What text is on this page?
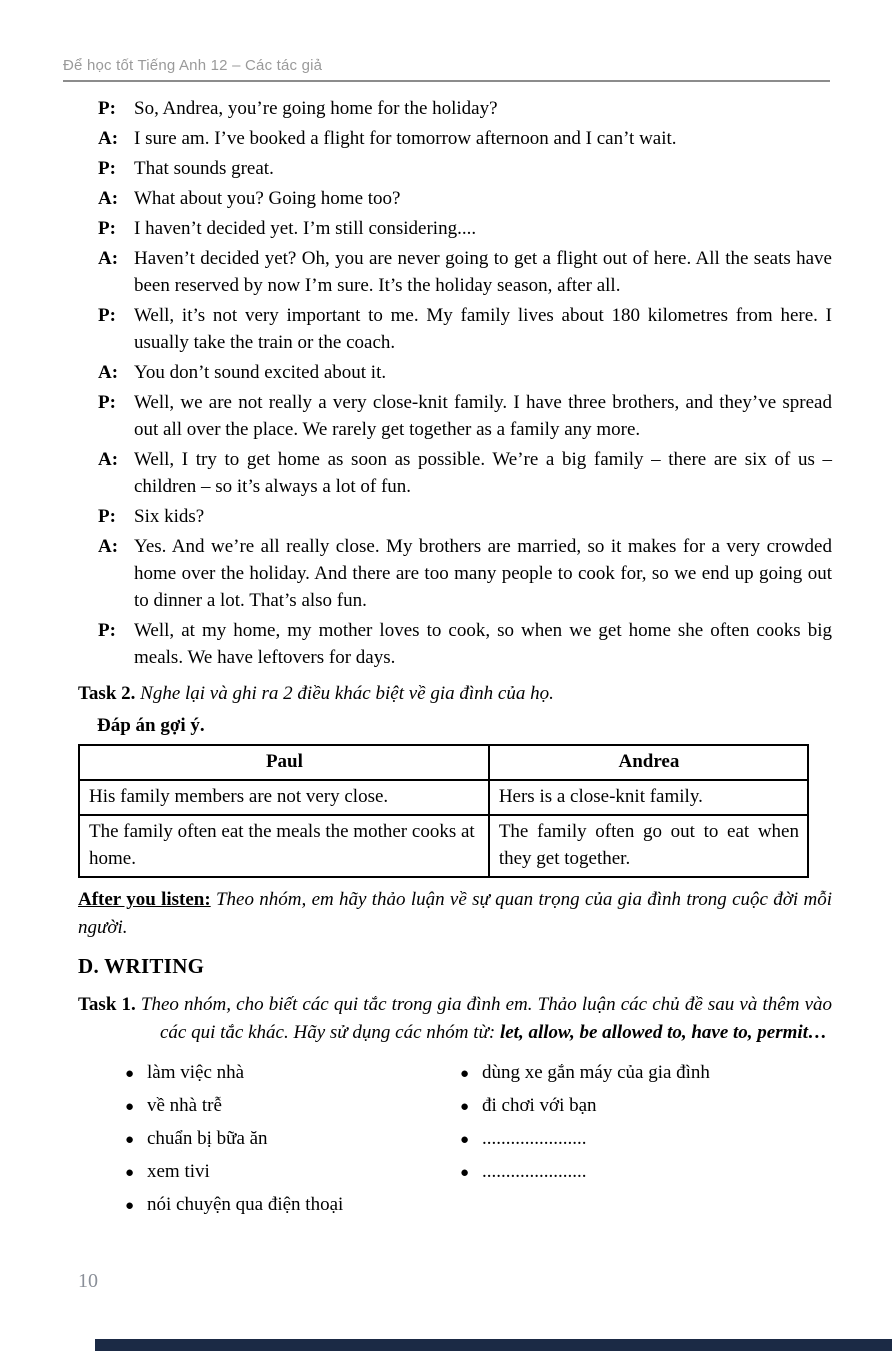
Để học tốt Tiếng Anh 12 – Các tác giả
P: So, Andrea, you’re going home for the holiday?
A: I sure am. I’ve booked a flight for tomorrow afternoon and I can’t wait.
P: That sounds great.
A: What about you? Going home too?
P: I haven’t decided yet. I’m still considering....
A: Haven’t decided yet? Oh, you are never going to get a flight out of here. All the seats have been reserved by now I’m sure. It’s the holiday season, after all.
P: Well, it’s not very important to me. My family lives about 180 kilometres from here. I usually take the train or the coach.
A: You don’t sound excited about it.
P: Well, we are not really a very close-knit family. I have three brothers, and they’ve spread out all over the place. We rarely get together as a family any more.
A: Well, I try to get home as soon as possible. We’re a big family – there are six of us – children – so it’s always a lot of fun.
P: Six kids?
A: Yes. And we’re all really close. My brothers are married, so it makes for a very crowded home over the holiday. And there are too many people to cook for, so we end up going out to dinner a lot. That’s also fun.
P: Well, at my home, my mother loves to cook, so when we get home she often cooks big meals. We have leftovers for days.
Task 2. Nghe lại và ghi ra 2 điều khác biệt về gia đình của họ.
Đáp án gợi ý.
Paul	Andrea
His family members are not very close.	Hers is a close-knit family.
The family often eat the meals the mother cooks at home.	The family often go out to eat when they get together.
After you listen: Theo nhóm, em hãy thảo luận về sự quan trọng của gia đình trong cuộc đời mỗi người.
D. WRITING
Task 1. Theo nhóm, cho biết các qui tắc trong gia đình em. Thảo luận các chủ đề sau và thêm vào các qui tắc khác. Hãy sử dụng các nhóm từ: let, allow, be allowed to, have to, permit…
● làm việc nhà
● về nhà trễ
● chuẩn bị bữa ăn
● xem tivi
● nói chuyện qua điện thoại
● dùng xe gắn máy của gia đình
● đi chơi với bạn
● ......................
● ......................
10
